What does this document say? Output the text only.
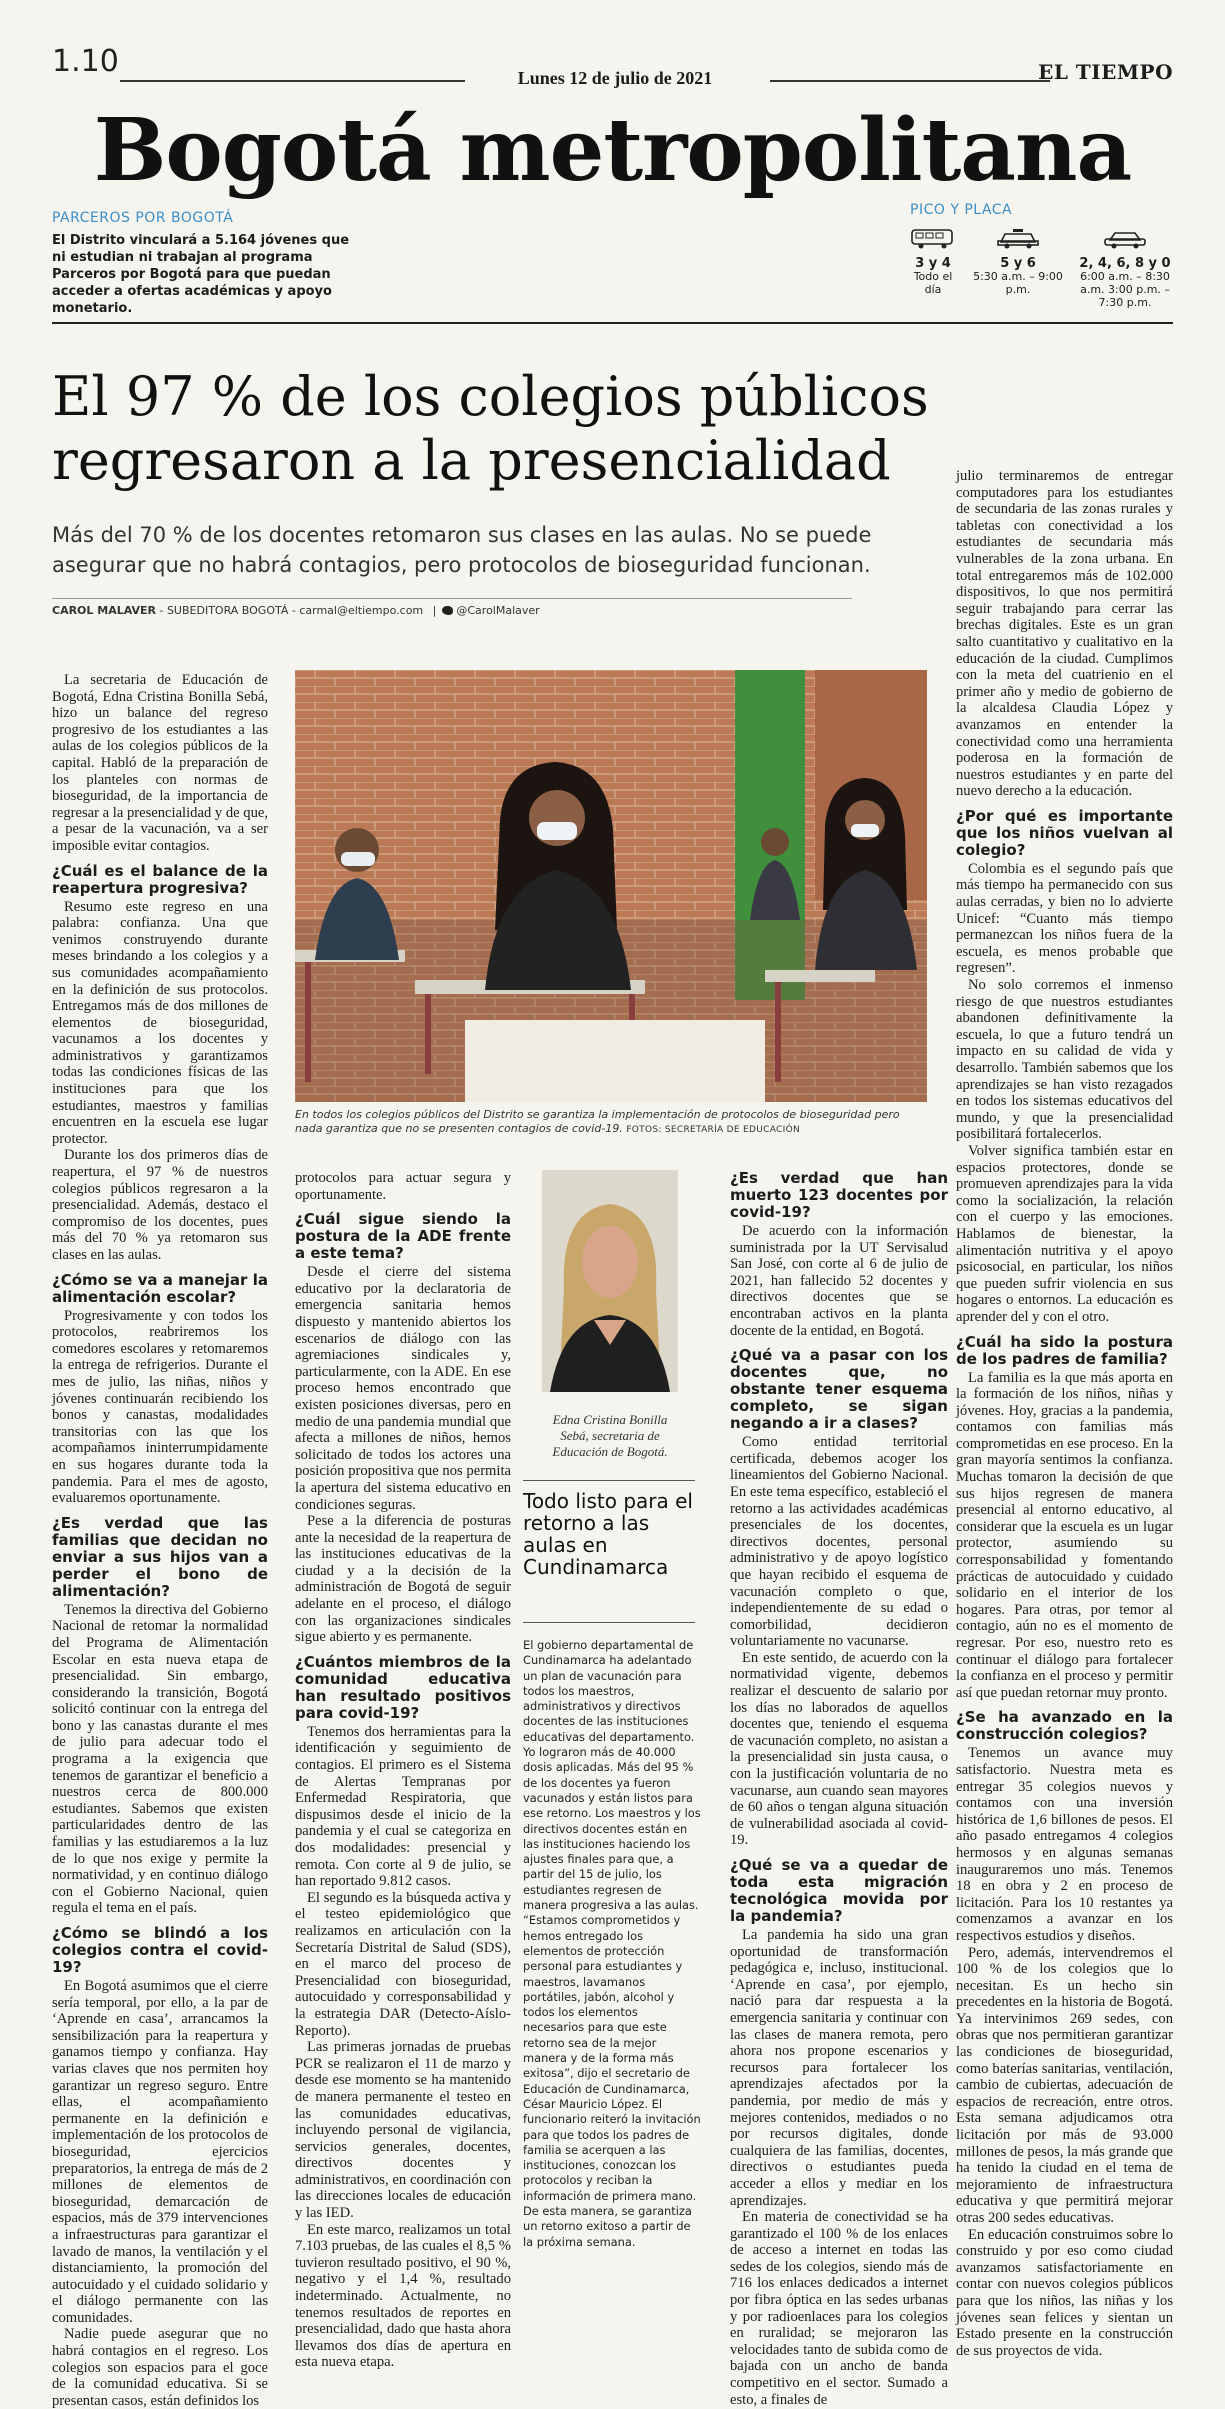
1.10	Lunes 12 de julio de 2021	EL TIEMPO
Bogotá metropolitana
PARCEROS POR BOGOTÁ
El Distrito vinculará a 5.164 jóvenes que ni estudian ni trabajan al programa Parceros por Bogotá para que puedan acceder a ofertas académicas y apoyo monetario.
PICO Y PLACA
3 y 4
Todo el día
5 y 6
5:30 a.m. – 9:00 p.m.
2, 4, 6, 8 y 0
6:00 a.m. – 8:30 a.m. 3:00 p.m. – 7:30 p.m.
El 97 % de los colegios públicos regresaron a la presencialidad
Más del 70 % de los docentes retomaron sus clases en las aulas. No se puede asegurar que no habrá contagios, pero protocolos de bioseguridad funcionan.
CAROL MALAVER - SUBEDITORA BOGOTÁ - carmal@eltiempo.com | @CarolMalaver
En todos los colegios públicos del Distrito se garantiza la implementación de protocolos de bioseguridad pero nada garantiza que no se presenten contagios de covid-19. FOTOS: SECRETARÍA DE EDUCACIÓN
Edna Cristina Bonilla Sebá, secretaria de Educación de Bogotá.
Todo listo para el retorno a las aulas en Cundinamarca
El gobierno departamental de Cundinamarca ha adelantado un plan de vacunación para todos los maestros, administrativos y directivos docentes de las instituciones educativas del departamento. Yo lograron más de 40.000 dosis aplicadas. Más del 95 % de los docentes ya fueron vacunados y están listos para ese retorno. Los maestros y los directivos docentes están en las instituciones haciendo los ajustes finales para que, a partir del 15 de julio, los estudiantes regresen de manera progresiva a las aulas. “Estamos comprometidos y hemos entregado los elementos de protección personal para estudiantes y maestros, lavamanos portátiles, jabón, alcohol y todos los elementos necesarios para que este retorno sea de la mejor manera y de la forma más exitosa”, dijo el secretario de Educación de Cundinamarca, César Mauricio López. El funcionario reiteró la invitación para que todos los padres de familia se acerquen a las instituciones, conozcan los protocolos y reciban la información de primera mano. De esta manera, se garantiza un retorno exitoso a partir de la próxima semana.

La secretaria de Educación de Bogotá, Edna Cristina Bonilla Sebá, hizo un balance del regreso progresivo de los estudiantes a las aulas de los colegios públicos de la capital. Habló de la preparación de los planteles con normas de bioseguridad, de la importancia de regresar a la presencialidad y de que, a pesar de la vacunación, va a ser imposible evitar contagios.

¿Cuál es el balance de la reapertura progresiva?

Resumo este regreso en una palabra: confianza. Una que venimos construyendo durante meses brindando a los colegios y a sus comunidades acompañamiento en la definición de sus protocolos. Entregamos más de dos millones de elementos de bioseguridad, vacunamos a los docentes y administrativos y garantizamos todas las condiciones físicas de las instituciones para que los estudiantes, maestros y familias encuentren en la escuela ese lugar protector.

Durante los dos primeros días de reapertura, el 97 % de nuestros colegios públicos regresaron a la presencialidad. Además, destaco el compromiso de los docentes, pues más del 70 % ya retomaron sus clases en las aulas.

¿Cómo se va a manejar la alimentación escolar?

Progresivamente y con todos los protocolos, reabriremos los comedores escolares y retomaremos la entrega de refrigerios. Durante el mes de julio, las niñas, niños y jóvenes continuarán recibiendo los bonos y canastas, modalidades transitorias con las que los acompañamos ininterrumpidamente en sus hogares durante toda la pandemia. Para el mes de agosto, evaluaremos oportunamente.

¿Es verdad que las familias que decidan no enviar a sus hijos van a perder el bono de alimentación?

Tenemos la directiva del Gobierno Nacional de retomar la normalidad del Programa de Alimentación Escolar en esta nueva etapa de presencialidad. Sin embargo, considerando la transición, Bogotá solicitó continuar con la entrega del bono y las canastas durante el mes de julio para adecuar todo el programa a la exigencia que tenemos de garantizar el beneficio a nuestros cerca de 800.000 estudiantes. Sabemos que existen particularidades dentro de las familias y las estudiaremos a la luz de lo que nos exige y permite la normatividad, y en continuo diálogo con el Gobierno Nacional, quien regula el tema en el país.

¿Cómo se blindó a los colegios contra el covid-19?

En Bogotá asumimos que el cierre sería temporal, por ello, a la par de ‘Aprende en casa’, arrancamos la sensibilización para la reapertura y ganamos tiempo y confianza. Hay varias claves que nos permiten hoy garantizar un regreso seguro. Entre ellas, el acompañamiento permanente en la definición e implementación de los protocolos de bioseguridad, ejercicios preparatorios, la entrega de más de 2 millones de elementos de bioseguridad, demarcación de espacios, más de 379 intervenciones a infraestructuras para garantizar el lavado de manos, la ventilación y el distanciamiento, la promoción del autocuidado y el cuidado solidario y el diálogo permanente con las comunidades.

Nadie puede asegurar que no habrá contagios en el regreso. Los colegios son espacios para el goce de la comunidad educativa. Si se presentan casos, están definidos los

protocolos para actuar segura y oportunamente.

¿Cuál sigue siendo la postura de la ADE frente a este tema?

Desde el cierre del sistema educativo por la declaratoria de emergencia sanitaria hemos dispuesto y mantenido abiertos los escenarios de diálogo con las agremiaciones sindicales y, particularmente, con la ADE. En ese proceso hemos encontrado que existen posiciones diversas, pero en medio de una pandemia mundial que afecta a millones de niños, hemos solicitado de todos los actores una posición propositiva que nos permita la apertura del sistema educativo en condiciones seguras.

Pese a la diferencia de posturas ante la necesidad de la reapertura de las instituciones educativas de la ciudad y a la decisión de la administración de Bogotá de seguir adelante en el proceso, el diálogo con las organizaciones sindicales sigue abierto y es permanente.

¿Cuántos miembros de la comunidad educativa han resultado positivos para covid-19?

Tenemos dos herramientas para la identificación y seguimiento de contagios. El primero es el Sistema de Alertas Tempranas por Enfermedad Respiratoria, que dispusimos desde el inicio de la pandemia y el cual se categoriza en dos modalidades: presencial y remota. Con corte al 9 de julio, se han reportado 9.812 casos.

El segundo es la búsqueda activa y el testeo epidemiológico que realizamos en articulación con la Secretaría Distrital de Salud (SDS), en el marco del proceso de Presencialidad con bioseguridad, autocuidado y corresponsabilidad y la estrategia DAR (Detecto-Aíslo-Reporto).

Las primeras jornadas de pruebas PCR se realizaron el 11 de marzo y desde ese momento se ha mantenido de manera permanente el testeo en las comunidades educativas, incluyendo personal de vigilancia, servicios generales, docentes, directivos docentes y administrativos, en coordinación con las direcciones locales de educación y las IED.

En este marco, realizamos un total 7.103 pruebas, de las cuales el 8,5 % tuvieron resultado positivo, el 90 %, negativo y el 1,4 %, resultado indeterminado. Actualmente, no tenemos resultados de reportes en presencialidad, dado que hasta ahora llevamos dos días de apertura en esta nueva etapa.

¿Es verdad que han muerto 123 docentes por covid-19?

De acuerdo con la información suministrada por la UT Servisalud San José, con corte al 6 de julio de 2021, han fallecido 52 docentes y directivos docentes que se encontraban activos en la planta docente de la entidad, en Bogotá.

¿Qué va a pasar con los docentes que, no obstante tener esquema completo, se sigan negando a ir a clases?

Como entidad territorial certificada, debemos acoger los lineamientos del Gobierno Nacional. En este tema específico, estableció el retorno a las actividades académicas presenciales de los docentes, directivos docentes, personal administrativo y de apoyo logístico que hayan recibido el esquema de vacunación completo o que, independientemente de su edad o comorbilidad, decidieron voluntariamente no vacunarse.

En este sentido, de acuerdo con la normatividad vigente, debemos realizar el descuento de salario por los días no laborados de aquellos docentes que, teniendo el esquema de vacunación completo, no asistan a la presencialidad sin justa causa, o con la justificación voluntaria de no vacunarse, aun cuando sean mayores de 60 años o tengan alguna situación de vulnerabilidad asociada al covid-19.

¿Qué se va a quedar de toda esta migración tecnológica movida por la pandemia?

La pandemia ha sido una gran oportunidad de transformación pedagógica e, incluso, institucional. ‘Aprende en casa’, por ejemplo, nació para dar respuesta a la emergencia sanitaria y continuar con las clases de manera remota, pero ahora nos propone escenarios y recursos para fortalecer los aprendizajes afectados por la pandemia, por medio de más y mejores contenidos, mediados o no por recursos digitales, donde cualquiera de las familias, docentes, directivos o estudiantes pueda acceder a ellos y mediar en los aprendizajes.

En materia de conectividad se ha garantizado el 100 % de los enlaces de acceso a internet en todas las sedes de los colegios, siendo más de 716 los enlaces dedicados a internet por fibra óptica en las sedes urbanas y por radioenlaces para los colegios en ruralidad; se mejoraron las velocidades tanto de subida como de bajada con un ancho de banda competitivo en el sector. Sumado a esto, a finales de

julio terminaremos de entregar computadores para los estudiantes de secundaria de las zonas rurales y tabletas con conectividad a los estudiantes de secundaria más vulnerables de la zona urbana. En total entregaremos más de 102.000 dispositivos, lo que nos permitirá seguir trabajando para cerrar las brechas digitales. Este es un gran salto cuantitativo y cualitativo en la educación de la ciudad. Cumplimos con la meta del cuatrienio en el primer año y medio de gobierno de la alcaldesa Claudia López y avanzamos en entender la conectividad como una herramienta poderosa en la formación de nuestros estudiantes y en parte del nuevo derecho a la educación.

¿Por qué es importante que los niños vuelvan al colegio?

Colombia es el segundo país que más tiempo ha permanecido con sus aulas cerradas, y bien no lo advierte Unicef: “Cuanto más tiempo permanezcan los niños fuera de la escuela, es menos probable que regresen”.

No solo corremos el inmenso riesgo de que nuestros estudiantes abandonen definitivamente la escuela, lo que a futuro tendrá un impacto en su calidad de vida y desarrollo. También sabemos que los aprendizajes se han visto rezagados en todos los sistemas educativos del mundo, y que la presencialidad posibilitará fortalecerlos.

Volver significa también estar en espacios protectores, donde se promueven aprendizajes para la vida como la socialización, la relación con el cuerpo y las emociones. Hablamos de bienestar, la alimentación nutritiva y el apoyo psicosocial, en particular, los niños que pueden sufrir violencia en sus hogares o entornos. La educación es aprender del y con el otro.

¿Cuál ha sido la postura de los padres de familia?

La familia es la que más aporta en la formación de los niños, niñas y jóvenes. Hoy, gracias a la pandemia, contamos con familias más comprometidas en ese proceso. En la gran mayoría sentimos la confianza. Muchas tomaron la decisión de que sus hijos regresen de manera presencial al entorno educativo, al considerar que la escuela es un lugar protector, asumiendo su corresponsabilidad y fomentando prácticas de autocuidado y cuidado solidario en el interior de los hogares. Para otras, por temor al contagio, aún no es el momento de regresar. Por eso, nuestro reto es continuar el diálogo para fortalecer la confianza en el proceso y permitir así que puedan retornar muy pronto.

¿Se ha avanzado en la construcción colegios?

Tenemos un avance muy satisfactorio. Nuestra meta es entregar 35 colegios nuevos y contamos con una inversión histórica de 1,6 billones de pesos. El año pasado entregamos 4 colegios hermosos y en algunas semanas inauguraremos uno más. Tenemos 18 en obra y 2 en proceso de licitación. Para los 10 restantes ya comenzamos a avanzar en los respectivos estudios y diseños.

Pero, además, intervendremos el 100 % de los colegios que lo necesitan. Es un hecho sin precedentes en la historia de Bogotá. Ya intervinimos 269 sedes, con obras que nos permitieran garantizar las condiciones de bioseguridad, como baterías sanitarias, ventilación, cambio de cubiertas, adecuación de espacios de recreación, entre otros. Esta semana adjudicamos otra licitación por más de 93.000 millones de pesos, la más grande que ha tenido la ciudad en el tema de mejoramiento de infraestructura educativa y que permitirá mejorar otras 200 sedes educativas.

En educación construimos sobre lo construido y por eso como ciudad avanzamos satisfactoriamente en contar con nuevos colegios públicos para que los niños, las niñas y los jóvenes sean felices y sientan un Estado presente en la construcción de sus proyectos de vida.
